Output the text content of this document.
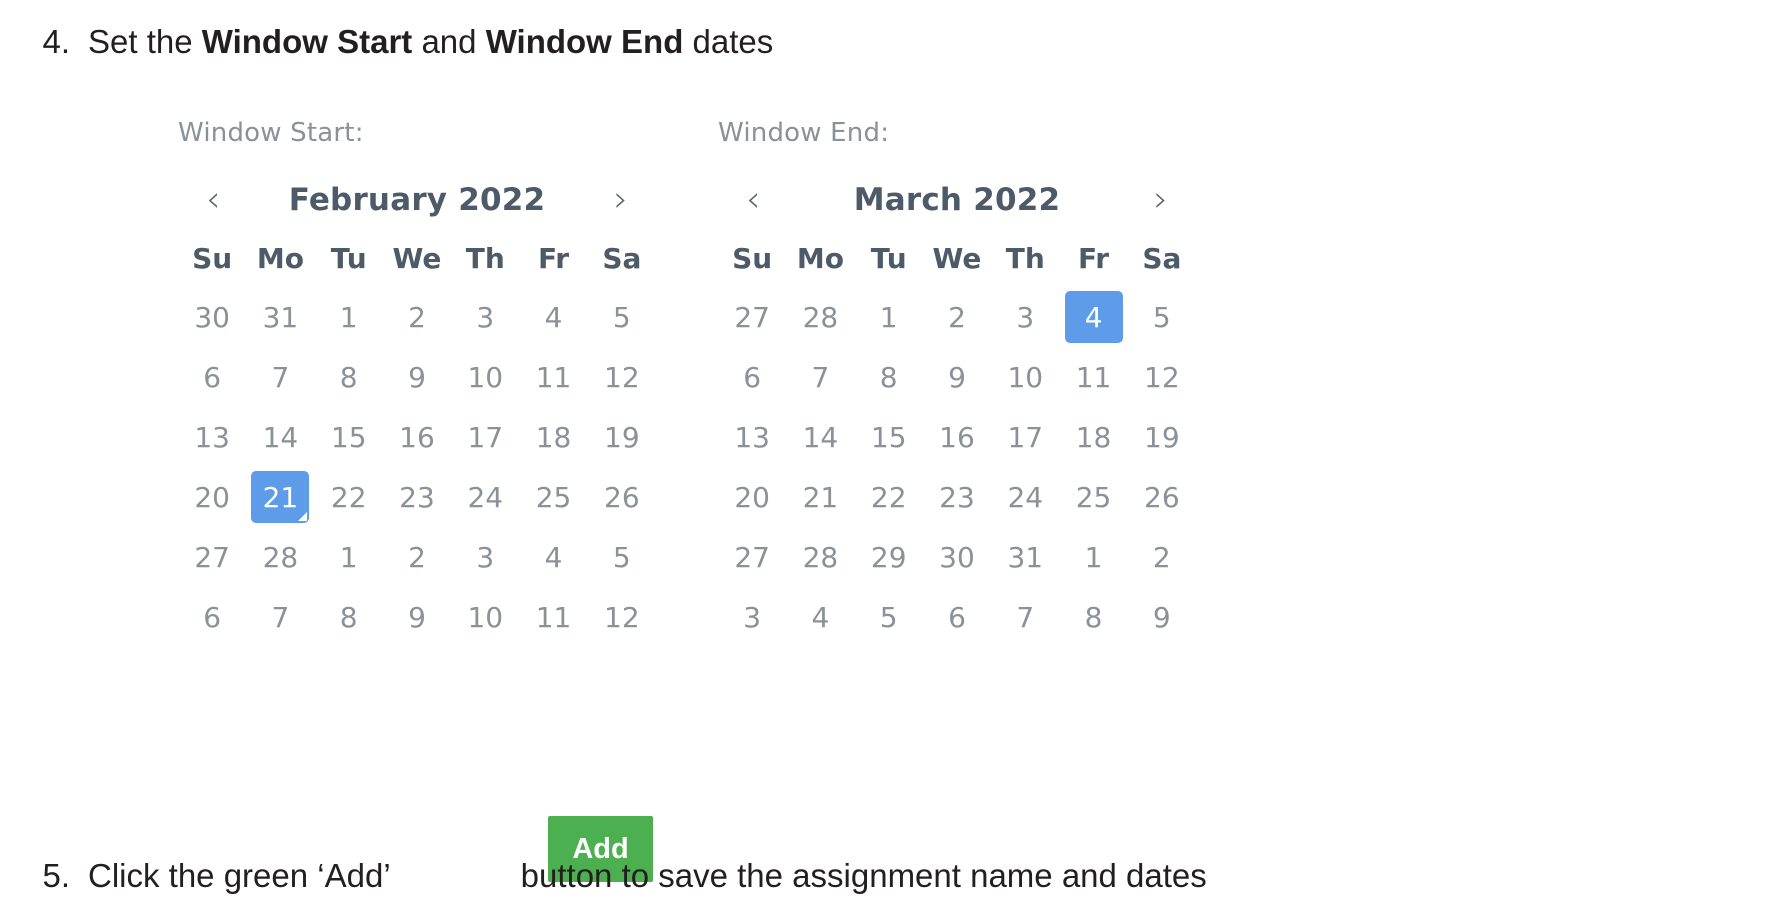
4. Set the Window Start and Window End dates
Window Start:
‹ February 2022 ›
Su	Mo	Tu	We	Th	Fr	Sa
30	31	1	2	3	4	5
6	7	8	9	10	11	12
13	14	15	16	17	18	19
20	21	22	23	24	25	26
27	28	1	2	3	4	5
6	7	8	9	10	11	12
Window End:
‹	March 2022	›
Su	Mo	Tu	We	Th	Fr	Sa
27	28	1	2	3	4	5
6	7	8	9	10	11	12
13	14	15	16	17	18	19
20	21	22	23	24	25	26
27	28	29	30	31	1	2
3	4	5	6	7	8	9
Add
5. Click the green ‘Add’	button to save the assignment name and dates
